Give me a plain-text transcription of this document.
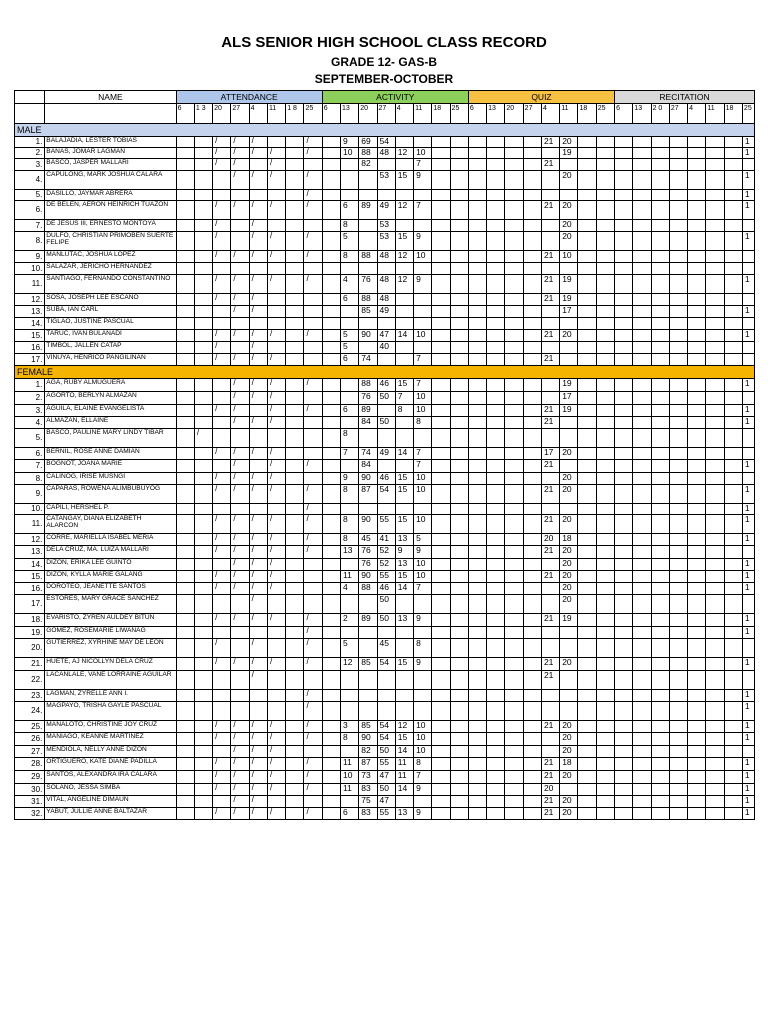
ALS SENIOR HIGH SCHOOL CLASS RECORD
GRADE 12- GAS-B
SEPTEMBER-OCTOBER
	NAME	ATTENDANCE								ACTIVITY								QUIZ								RECITATION							
		6	1 3	20	27	4	11	1 8	25	6	13	20	27	4	11	18	25	6	13	20	27	4	11	18	25	6	13	2 0	27	4	11	18	25
MALE																																	
1.	BALAJADIA, LESTER TOBIAS			/	/	/			/		9	69	54									21	20										1
2.	BAÑAS, JOMAR LAGMAN			/	/	/	/		/		10	88	48	12	10								19										1
3.	BASCO, JASPER MALLARI			/	/		/					82			7							21											
4.	CAPULONG, MARK JOSHUA CALARA				/	/	/		/				53	15	9								20										1
5.	DASILLO, JAYMAR ABRERA								/																								1
6.	DE BELEN, AERON HEINRICH TUAZON			/	/	/	/		/		6	89	49	12	7							21	20										1
7.	DE JESUS III, ERNESTO MONTOYA			/		/					8		53										20										
8.	DULFO, CHRISTIAN PRIMOBEN SUERTE FELIPE			/		/	/		/		5		53	15	9								20										1
9.	MANLUTAC, JOSHUA LOPEZ			/	/	/	/		/		8	88	48	12	10							21	10										
10.	SALAZAR, JERICHO HERNANDEZ																																
11.	SANTIAGO, FERNANDO CONSTANTINO			/	/	/	/		/		4	76	48	12	9							21	19										1
12.	SOSA, JOSEPH LEE ESCAÑO			/	/	/					6	88	48									21	19										
13.	SUBA, IAN CARL				/	/						85	49										17										1
14.	TIGLAO, JUSTINE PASCUAL																																
15.	TARUC, IVAN BULANADI			/	/	/	/		/		5	90	47	14	10							21	20										1
16.	TIMBOL, JALLEN CATAP			/		/					5		40																				
17.	VINUYA, HENRICO PANGILINAN			/	/	/	/				6	74			7							21											
FEMALE																																	
1.	AGA, RUBY ALMUGUERA				/	/	/		/			88	46	15	7								19										1
2.	AGORTO, BERLYN ALMAZAN				/	/	/					76	50	7	10								17										
3.	AGUILA, ELAINE EVANGELISTA			/	/		/		/		6	89		8	10							21	19										1
4.	ALMAZAN, ELLAINE				/	/	/					84	50		8							21											1
5.	BASCO, PAULINE MARY LINDY TIBAR		/								8																						
6.	BERNIL, ROSE ANNE DAMIAN			/	/	/	/				7	74	49	14	7							17	20										
7.	BOGNOT, JOANA MARIE				/		/		/			84			7							21											1
8.	CALINOG, IRISE MUSNGI			/	/	/	/				9	90	46	15	10								20										
9.	CAPARAS, ROWENA ALIMBUBUYOG			/	/	/	/		/		8	87	54	15	10							21	20										1
10.	CAPILI, HERSHEL P.								/																								1
11.	CATANGAY, DIANA ELIZABETH ALARCON			/	/	/	/		/		8	90	55	15	10							21	20										1
12.	CORRE, MARIELLA ISABEL MERIA			/	/	/	/		/		8	45	41	13	5							20	18										1
13.	DELA CRUZ, MA. LUIZA MALLARI			/	/	/	/		/		13	76	52	9	9							21	20										
14.	DIZON, ERIKA LEE GUINTO				/	/	/					76	52	13	10								20										1
15.	DIZON, KYLLA MARIE GALANG			/	/	/	/				11	90	55	15	10							21	20										1
16.	DOROTEO, JEANETTE SANTOS			/	/	/	/				4	88	46	14	7								20										1
17.	ESTORES, MARY GRACE SANCHEZ					/							50										20										
18.	EVARISTO, ZYREN AULDEY BITUN			/	/	/	/		/		2	89	50	13	9							21	19										1
19.	GOMEZ, ROSEMARIE LIWANAG								/																								1
20.	GUTIERREZ, XYRHINE MAY DE LEON			/		/			/		5		45		8																		
21.	HUETE, AJ NICOLLYN DELA CRUZ			/	/	/	/		/		12	85	54	15	9							21	20										1
22.	LACANLALE, VANE LORRAINE AGUILAR					/																21											
23.	LAGMAN, ZYRELLE ANN I.								/																								1
24.	MAGPAYO, TRISHA GAYLE PASCUAL								/																								1
25.	MANALOTO, CHRISTINE JOY CRUZ			/	/	/	/		/		3	85	54	12	10							21	20										1
26.	MANIAGO, KEANNE MARTINEZ			/	/	/	/		/		8	90	54	15	10								20										1
27.	MENDIOLA, NELLY ANNE DIZON				/	/	/					82	50	14	10								20										
28.	ORTIGUERO, KATE DIANE PADILLA			/	/	/	/		/		11	87	55	11	8							21	18										1
29.	SANTOS, ALEXANDRA IRA CALARA			/	/	/	/		/		10	73	47	11	7							21	20										1
30.	SOLANO, JESSA SIMBA			/	/	/	/		/		11	83	50	14	9							20											1
31.	VITAL, ANGELINE DIMAUN				/	/						75	47									21	20										1
32.	YABUT, JULLIE ANNE BALTAZAR			/	/	/	/		/		6	83	55	13	9							21	20										1
